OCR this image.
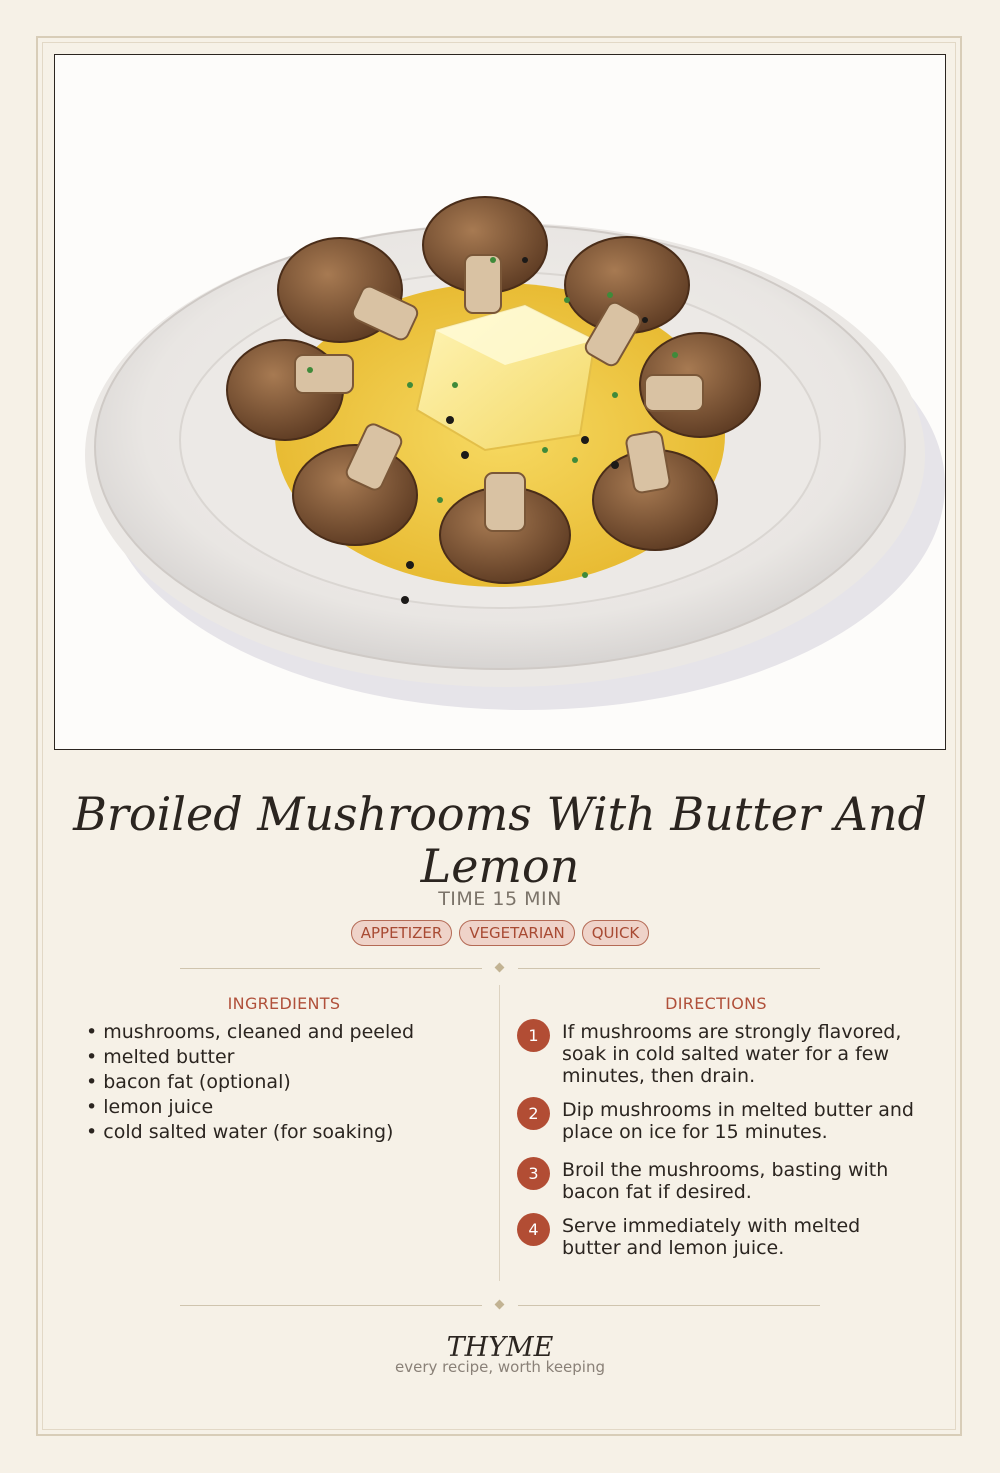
Broiled Mushrooms With Butter And Lemon
TIME 15 MIN
APPETIZER	VEGETARIAN	QUICK
INGREDIENTS	DIRECTIONS
• mushrooms, cleaned and peeled
• melted butter
• bacon fat (optional)
• lemon juice
• cold salted water (for soaking)
1	If mushrooms are strongly flavored, soak in cold salted water for a few minutes, then drain.
2	Dip mushrooms in melted butter and place on ice for 15 minutes.
3	Broil the mushrooms, basting with bacon fat if desired.
4	Serve immediately with melted butter and lemon juice.
THYME
every recipe, worth keeping
